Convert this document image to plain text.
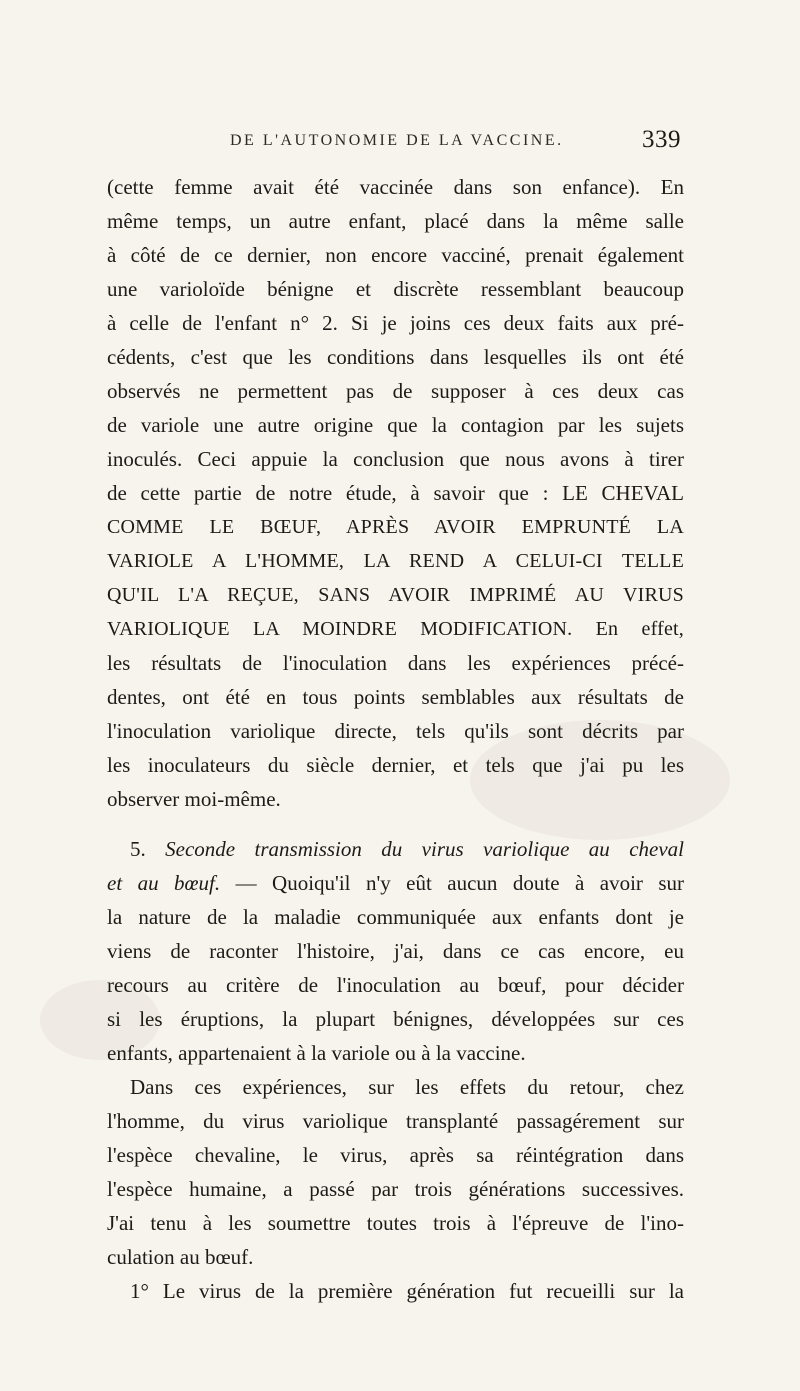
DE L'AUTONOMIE DE LA VACCINE.	339
(cette femme avait été vaccinée dans son enfance). En
même temps, un autre enfant, placé dans la même salle
à côté de ce dernier, non encore vacciné, prenait également
une varioloïde bénigne et discrète ressemblant beaucoup
à celle de l'enfant n° 2. Si je joins ces deux faits aux pré-
cédents, c'est que les conditions dans lesquelles ils ont été
observés ne permettent pas de supposer à ces deux cas
de variole une autre origine que la contagion par les sujets
inoculés. Ceci appuie la conclusion que nous avons à tirer
de cette partie de notre étude, à savoir que : LE CHEVAL
COMME LE BŒUF, APRÈS AVOIR EMPRUNTÉ LA
VARIOLE A L'HOMME, LA REND A CELUI-CI TELLE
QU'IL L'A REÇUE, SANS AVOIR IMPRIMÉ AU VIRUS
VARIOLIQUE LA MOINDRE MODIFICATION. En effet,
les résultats de l'inoculation dans les expériences précé-
dentes, ont été en tous points semblables aux résultats de
l'inoculation variolique directe, tels qu'ils sont décrits par
les inoculateurs du siècle dernier, et tels que j'ai pu les
observer moi-même.
5. Seconde transmission du virus variolique au cheval
et au bœuf. — Quoiqu'il n'y eût aucun doute à avoir sur
la nature de la maladie communiquée aux enfants dont je
viens de raconter l'histoire, j'ai, dans ce cas encore, eu
recours au critère de l'inoculation au bœuf, pour décider
si les éruptions, la plupart bénignes, développées sur ces
enfants, appartenaient à la variole ou à la vaccine.
Dans ces expériences, sur les effets du retour, chez
l'homme, du virus variolique transplanté passagérement sur
l'espèce chevaline, le virus, après sa réintégration dans
l'espèce humaine, a passé par trois générations successives.
J'ai tenu à les soumettre toutes trois à l'épreuve de l'ino-
culation au bœuf.
1° Le virus de la première génération fut recueilli sur la
